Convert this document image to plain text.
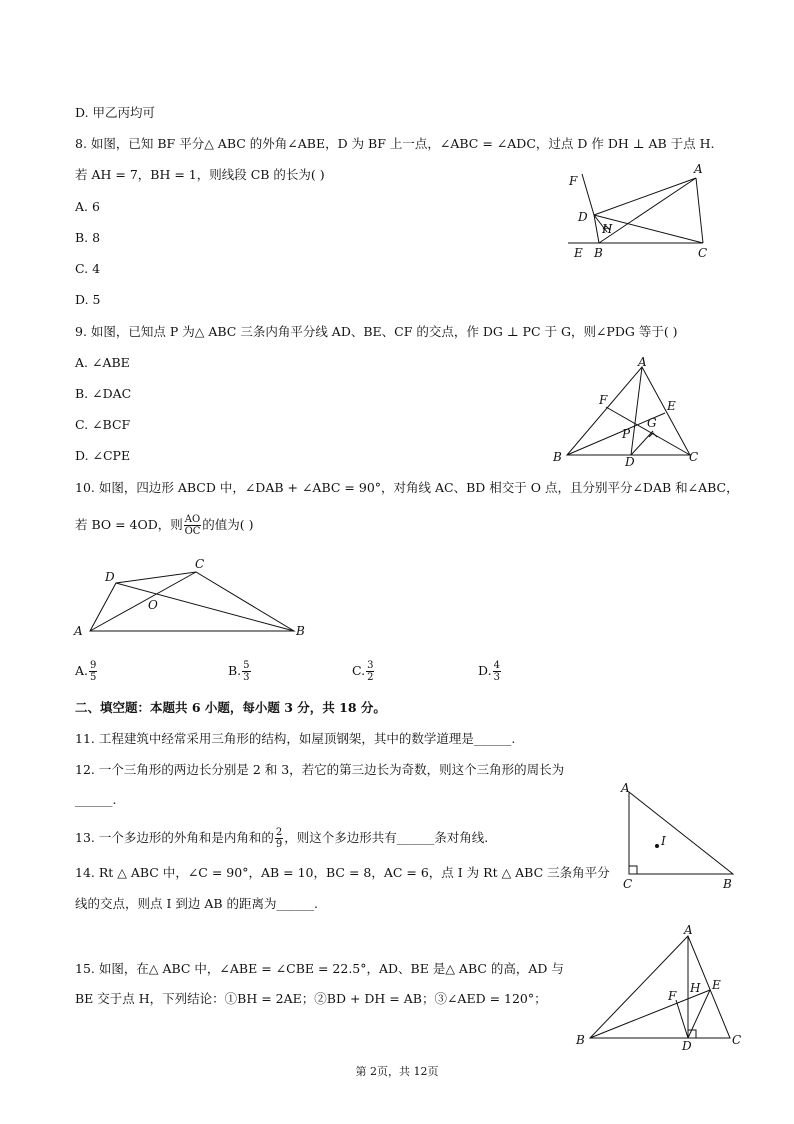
D. 甲乙丙均可
8. 如图，已知 BF 平分△ ABC 的外角∠ABE，D 为 BF 上一点，∠ABC = ∠ADC，过点 D 作 DH ⊥ AB 于点 H.
若 AH = 7，BH = 1，则线段 CB 的长为( )
A. 6
B. 8
C. 4
D. 5
9. 如图，已知点 P 为△ ABC 三条内角平分线 AD、BE、CF 的交点，作 DG ⊥ PC 于 G，则∠PDG 等于( )
A. ∠ABE
B. ∠DAC
C. ∠BCF
D. ∠CPE
10. 如图，四边形 ABCD 中，∠DAB + ∠ABC = 90°，对角线 AC、BD 相交于 O 点，且分别平分∠DAB 和∠ABC，
若 BO = 4OD，则 $\frac{AO}{OC}$ 的值为( )
A. $\frac{9}{5}$	B. $\frac{5}{3}$	C. $\frac{3}{2}$	D. $\frac{4}{3}$
二、填空题：本题共 6 小题，每小题 3 分，共 18 分。
11. 工程建筑中经常采用三角形的结构，如屋顶钢架，其中的数学道理是______.
12. 一个三角形的两边长分别是 2 和 3，若它的第三边长为奇数，则这个三角形的周长为
______.
13. 一个多边形的外角和是内角和的 $\frac{2}{9}$ ，则这个多边形共有______条对角线.
14. Rt △ ABC 中，∠C = 90°，AB = 10，BC = 8，AC = 6，点 I 为 Rt △ ABC 三条角平分
线的交点，则点 I 到边 AB 的距离为______.
15. 如图，在△ ABC 中，∠ABE = ∠CBE = 22.5°，AD、BE 是△ ABC 的高，AD 与
BE 交于点 H，下列结论：①BH = 2AE；②BD + DH = AB；③∠AED = 120°；
F
A
D
H
E B	C
A
F	E
G
P
B	D	C
D
C
O
A	B
A
I
C	B
A
F
H E
B	D	C
第 2页，共 12页
